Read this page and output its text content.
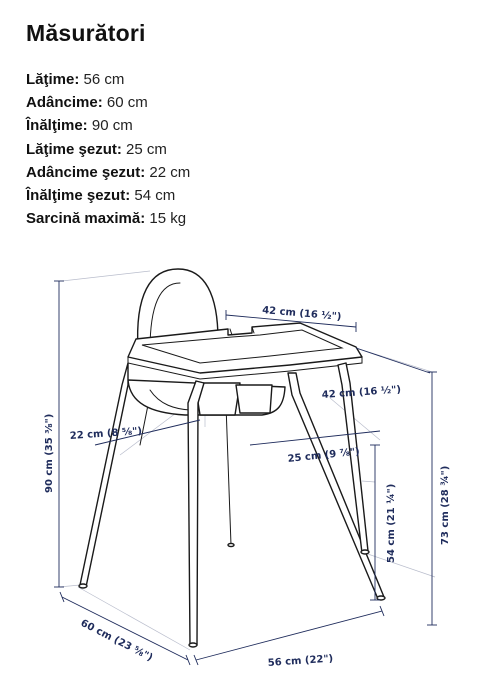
Măsurători
Lăţime: 56 cm
Adâncime: 60 cm
Înălţime: 90 cm
Lăţime şezut: 25 cm
Adâncime şezut: 22 cm
Înălţime şezut: 54 cm
Sarcină maximă: 15 kg
42 cm (16 ½")
42 cm (16 ½")
22 cm (8 ⅝")
25 cm (9 ⅞")
90 cm (35 ⅜")
54 cm (21 ¼")	73 cm (28 ¾")
60 cm (23 ⅝")	56 cm (22")
